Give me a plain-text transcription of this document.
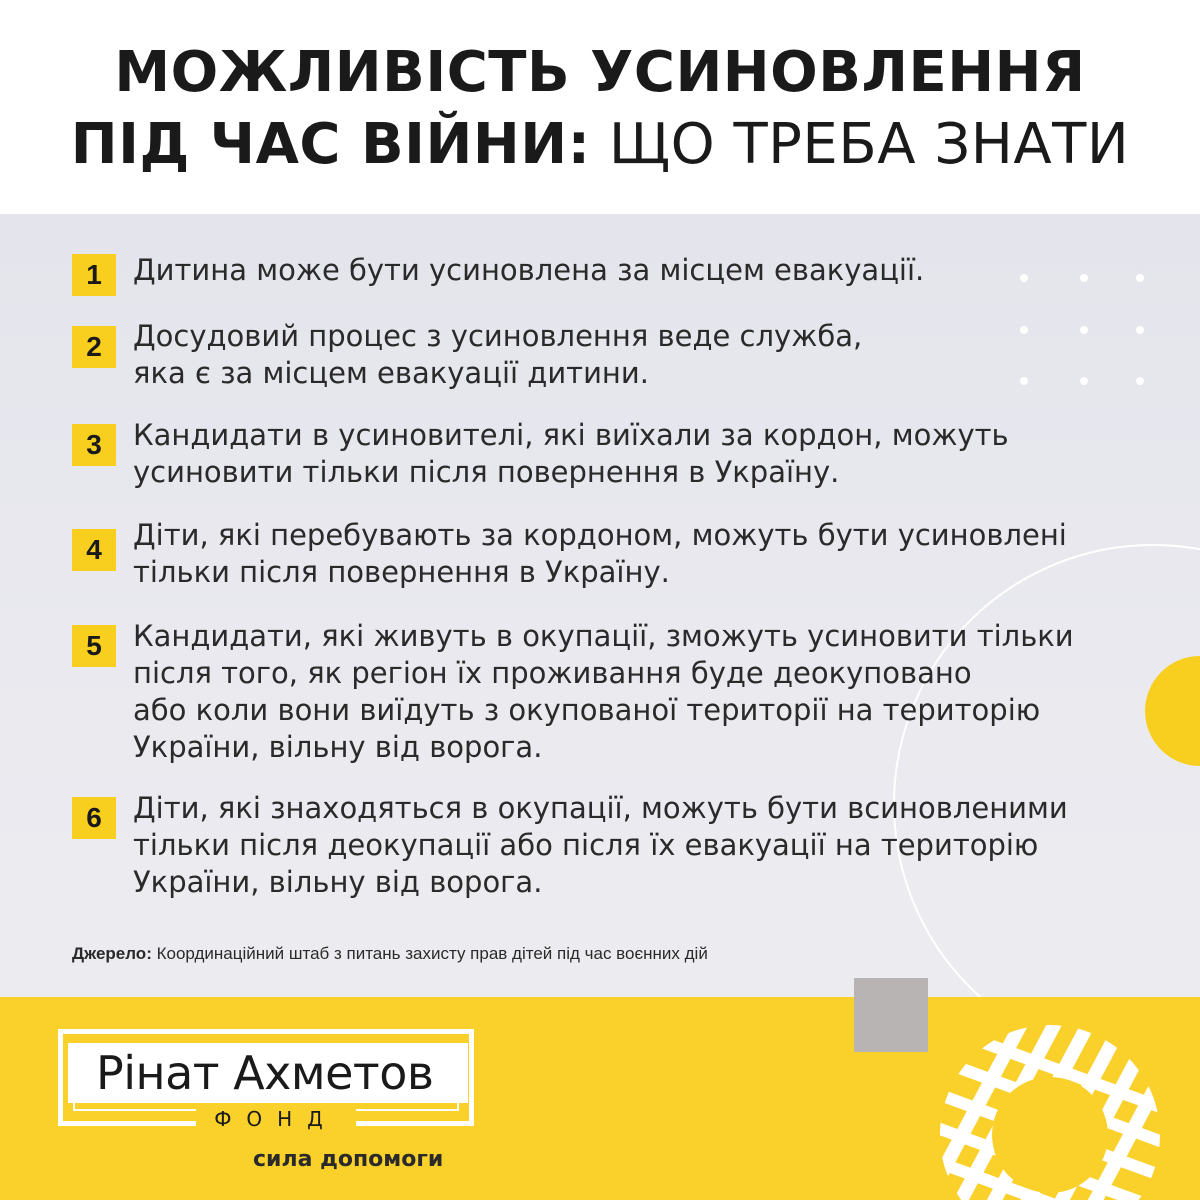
МОЖЛИВІСТЬ УСИНОВЛЕННЯ
ПІД ЧАС ВІЙНИ: ЩО ТРЕБА ЗНАТИ
1	Дитина може бути усиновлена за місцем евакуації.
2	Досудовий процес з усиновлення веде служба,
яка є за місцем евакуації дитини.
3	Кандидати в усиновителі, які виїхали за кордон, можуть
усиновити тільки після повернення в Україну.
4	Діти, які перебувають за кордоном, можуть бути усиновлені
тільки після повернення в Україну.
5	Кандидати, які живуть в окупації, зможуть усиновити тільки
після того, як регіон їх проживання буде деокуповано
або коли вони виїдуть з окупованої території на територію
України, вільну від ворога.
6	Діти, які знаходяться в окупації, можуть бути всиновленими
тільки після деокупації або після їх евакуації на територію
України, вільну від ворога.
Джерело: Координаційний штаб з питань захисту прав дітей під час воєнних дій
Рінат Ахметов
ФОНД
сила допомоги
